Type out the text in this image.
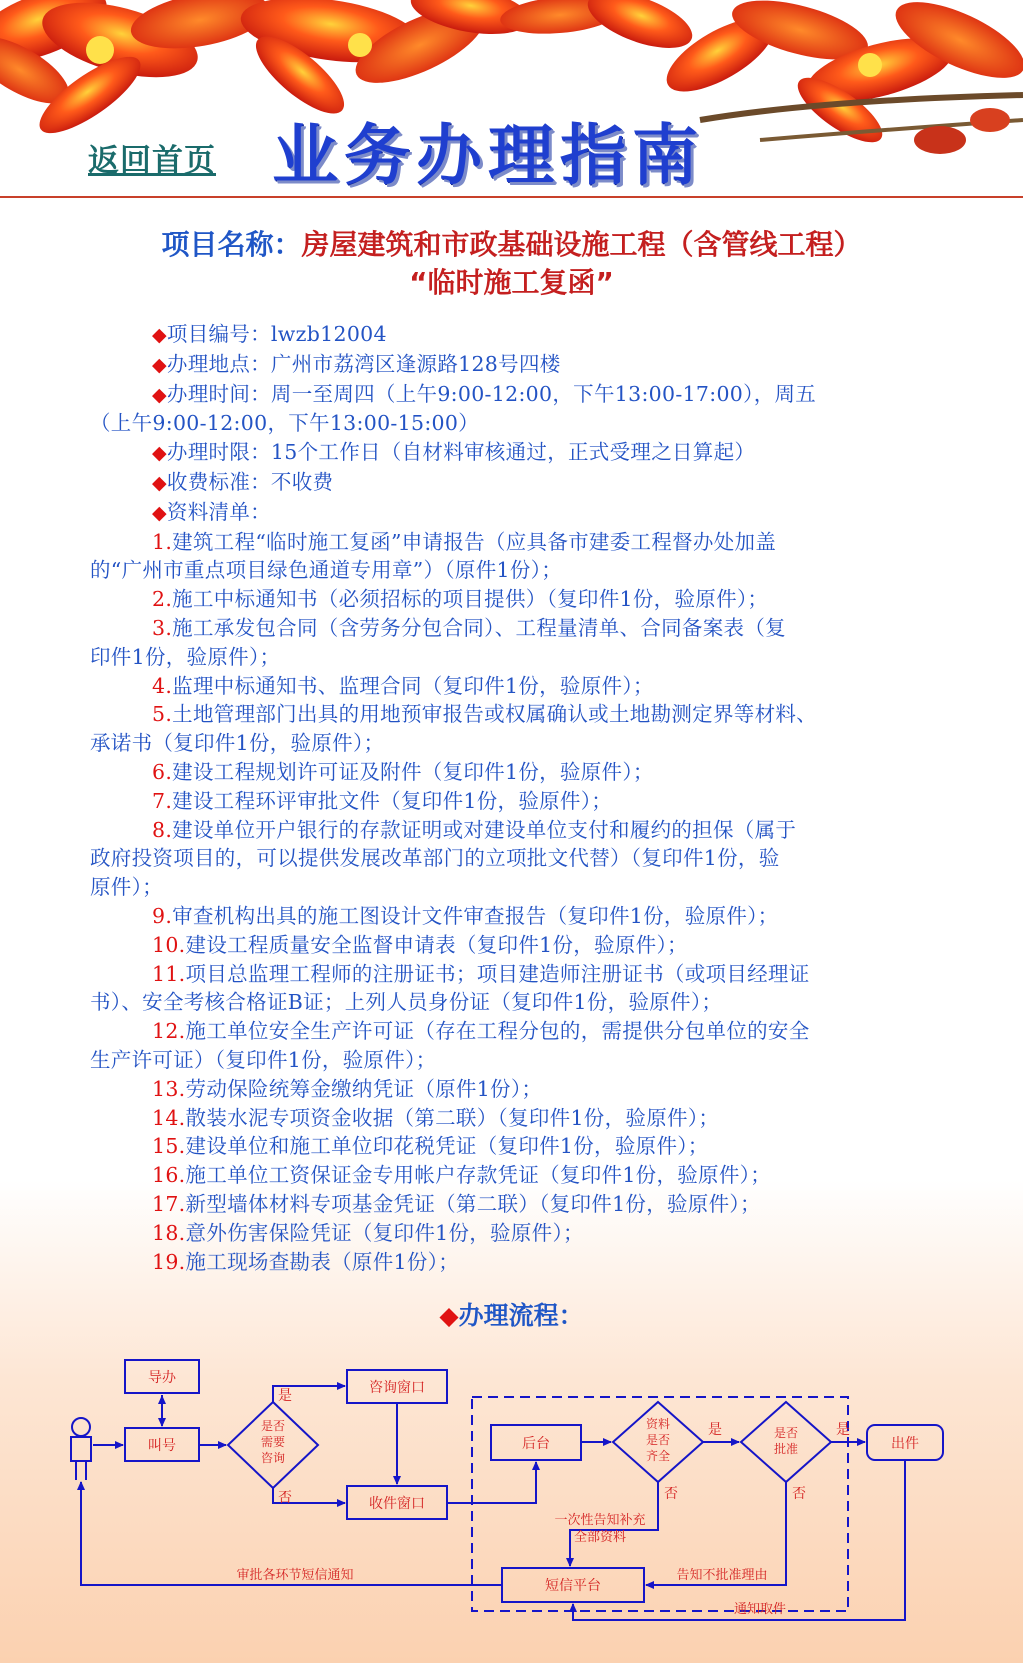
返回首页 业务办理指南
项目名称：房屋建筑和市政基础设施工程（含管线工程）
“临时施工复函”
◆项目编号：lwzb12004
◆办理地点：广州市荔湾区逢源路128号四楼
◆办理时间：周一至周四（上午9:00-12:00，下午13:00-17:00），周五
（上午9:00-12:00，下午13:00-15:00）
◆办理时限：15个工作日（自材料审核通过，正式受理之日算起）
◆收费标准：不收费
◆资料清单：
1.建筑工程“临时施工复函”申请报告（应具备市建委工程督办处加盖
的“广州市重点项目绿色通道专用章”）（原件1份）；
2.施工中标通知书（必须招标的项目提供）（复印件1份，验原件）；
3.施工承发包合同（含劳务分包合同）、工程量清单、合同备案表（复
印件1份，验原件）；
4.监理中标通知书、监理合同（复印件1份，验原件）；
5.土地管理部门出具的用地预审报告或权属确认或土地勘测定界等材料、
承诺书（复印件1份，验原件）；
6.建设工程规划许可证及附件（复印件1份，验原件）；
7.建设工程环评审批文件（复印件1份，验原件）；
8.建设单位开户银行的存款证明或对建设单位支付和履约的担保（属于
政府投资项目的，可以提供发展改革部门的立项批文代替）（复印件1份，验
原件）；
9.审查机构出具的施工图设计文件审查报告（复印件1份，验原件）；
10.建设工程质量安全监督申请表（复印件1份，验原件）；
11.项目总监理工程师的注册证书；项目建造师注册证书（或项目经理证
书）、安全考核合格证B证；上列人员身份证（复印件1份，验原件）；
12.施工单位安全生产许可证（存在工程分包的，需提供分包单位的安全
生产许可证）（复印件1份，验原件）；
13.劳动保险统筹金缴纳凭证（原件1份）；
14.散装水泥专项资金收据（第二联）（复印件1份，验原件）；
15.建设单位和施工单位印花税凭证（复印件1份，验原件）；
16.施工单位工资保证金专用帐户存款凭证（复印件1份，验原件）；
17.新型墙体材料专项基金凭证（第二联）（复印件1份，验原件）；
18.意外伤害保险凭证（复印件1份，验原件）；
19.施工现场查勘表（原件1份）；
◆办理流程：
导办
叫号
咨询窗口
收件窗口
后台	出件
短信平台
是否
需要
咨询
资料
是否
齐全
是否
批准
是
否
是
否
是
否
一次性告知补充
全部资料
审批各环节短信通知	告知不批准理由
通知取件
